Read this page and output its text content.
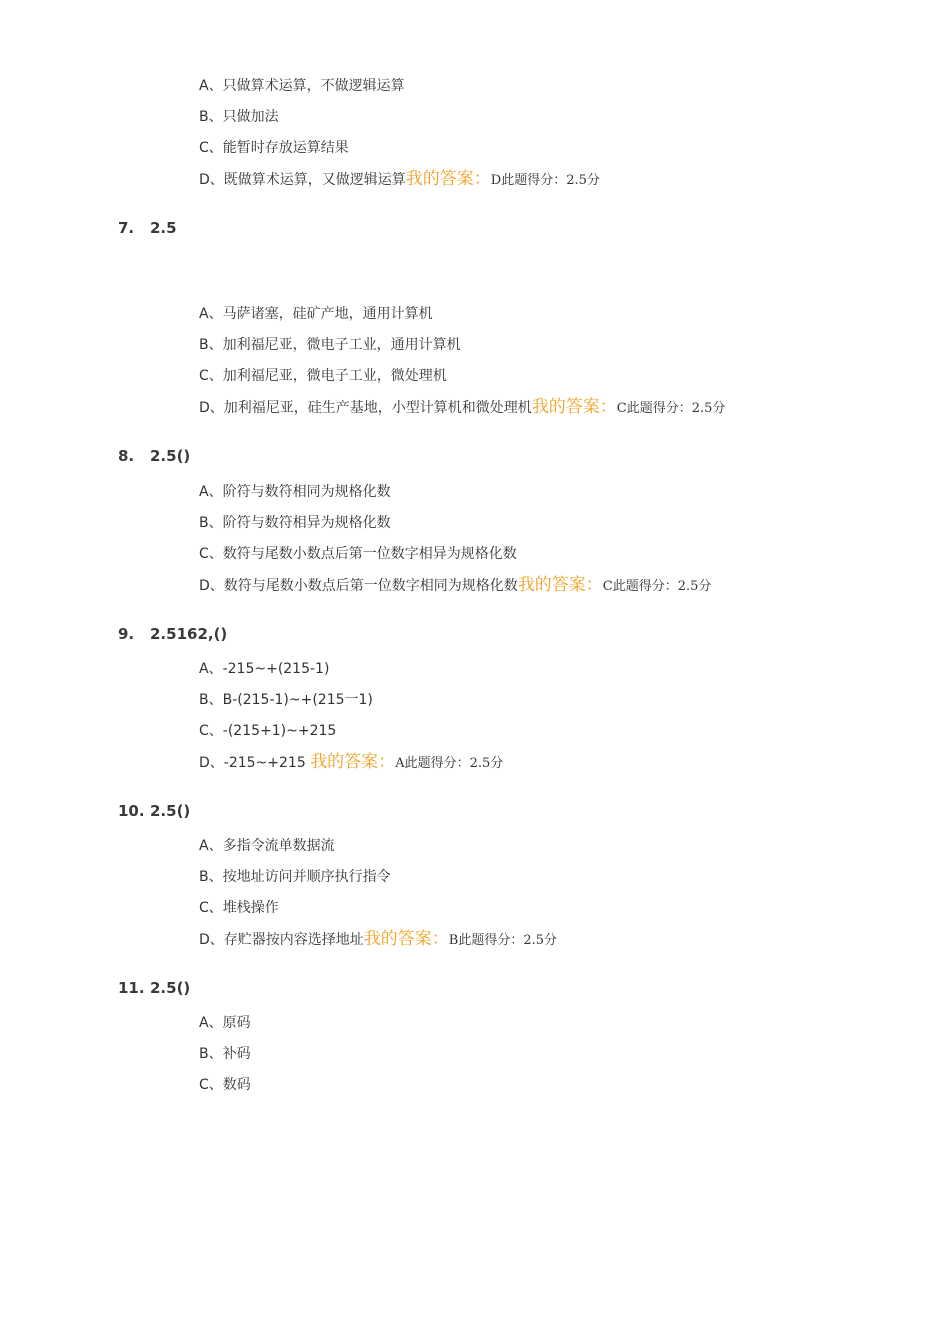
A、只做算术运算，不做逻辑运算
B、只做加法
C、能暂时存放运算结果
D、既做算术运算，又做逻辑运算我的答案：D此题得分：2.5分
7. 2.5
A、马萨诸塞，硅矿产地，通用计算机
B、加利福尼亚，微电子工业，通用计算机
C、加利福尼亚，微电子工业，微处理机
D、加利福尼亚，硅生产基地，小型计算机和微处理机我的答案：C此题得分：2.5分
8. 2.5()
A、阶符与数符相同为规格化数
B、阶符与数符相异为规格化数
C、数符与尾数小数点后第一位数字相异为规格化数
D、数符与尾数小数点后第一位数字相同为规格化数我的答案：C此题得分：2.5分
9. 2.5162,()
A、-215~+(215-1)
B、B-(215-1)~+(215一1)
C、-(215+1)~+215
D、-215~+215 我的答案：A此题得分：2.5分
10. 2.5()
A、多指令流单数据流
B、按地址访问并顺序执行指令
C、堆栈操作
D、存贮器按内容选择地址我的答案：B此题得分：2.5分
11. 2.5()
A、原码
B、补码
C、数码
